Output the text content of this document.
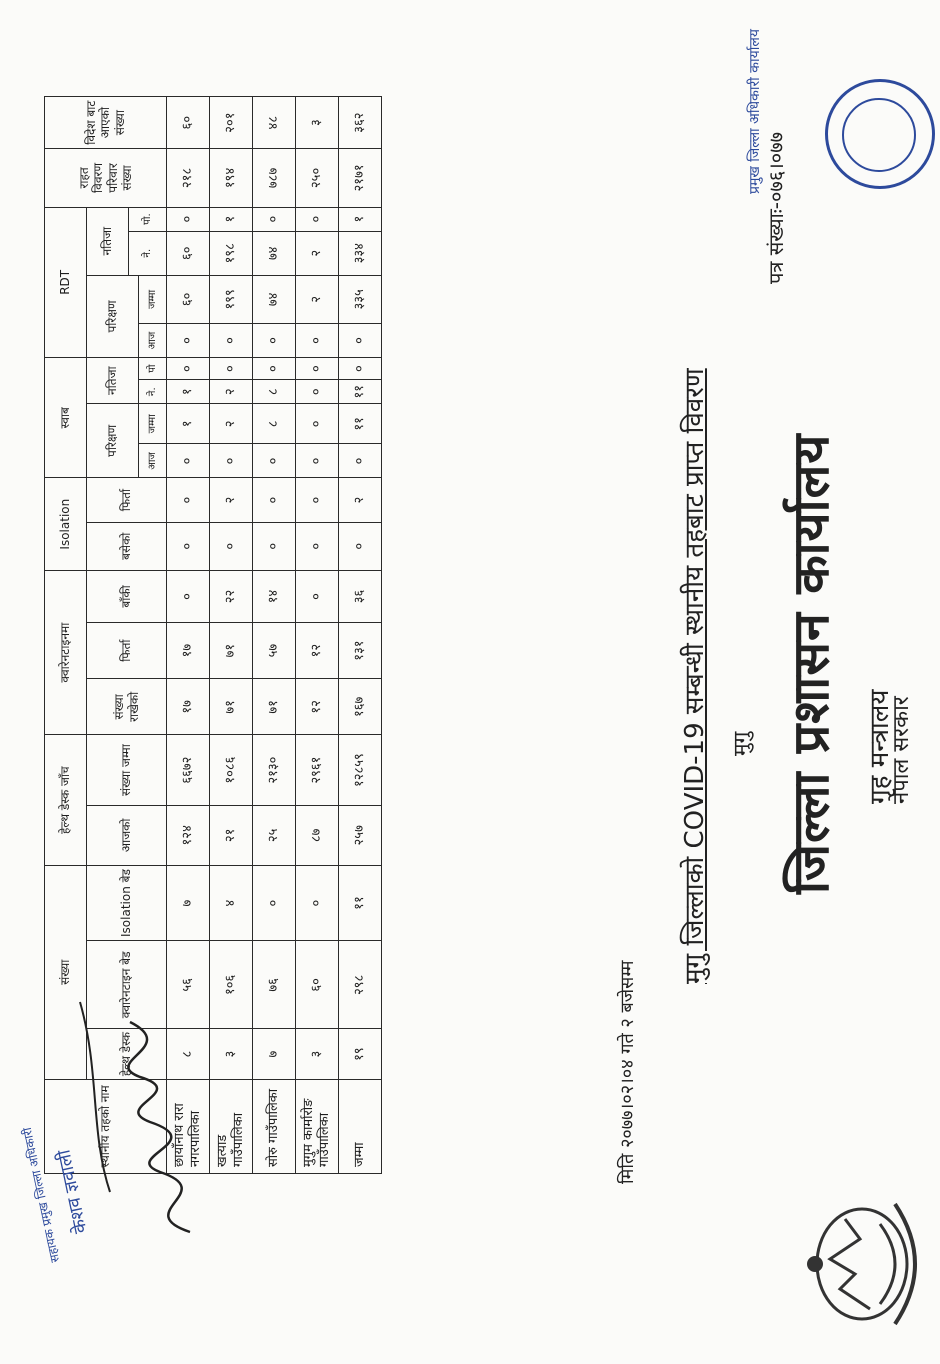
नेपाल सरकार
गृह मन्त्रालय
जिल्ला प्रशासन कार्यालय
मुगु
पत्र संख्याः-०७६।०७७
मुगु जिल्लाको COVID-19 सम्बन्धी स्थानीय तहबाट प्राप्त विवरण
मिति २०७७।०२।०४ गते २ बजेसम्म
प्रमुख जिल्ला अधिकारी कार्यालय
स्थानीय तहको नाम	संख्या			हेल्थ डेस्क जाँच		क्वारेनटाइनमा			Isolation		स्वाब				RDT				राहत विवरण परिवार संख्या	विदेश बाट आएको संख्या
	हेल्थ डेस्क	क्वारेनटाइन बेड	Isolation बेड	आजको	संख्या जम्मा	संख्या राखेको	फिर्ता	बाँकी	बसेको	फिर्ता	परिक्षण		नतिजा		परिक्षण		नतिजा			
																	ने.	पो.		
											आज	जम्मा	ने.	पो	आज	जम्मा				
छायाँनाथ रारा नगरपालिका	८	५६	७	१२४	६६७२	१७	१७	०	०	०	०	१	१	०	०	६०	६०	०	२१८	६०
खत्याड गाउँपालिका	३	१०६	४	२१	१०८६	७१	७१	२२	०	२	०	२	२	०	०	१९९	१९८	१	१९४	२०१
सोरु गाउँपालिका	७	७६	०	२५	२१३०	७१	५७	१४	०	०	०	८	८	०	०	७४	७४	०	७८७	४८
मुगुम कार्मारोङ गाउँपालिका	३	६०	०	८७	२९६१	१२	१२	०	०	०	०	०	०	०	०	२	२	०	२५०	३
जम्मा	१९	२९८	११	२५७	१२८५९	१६७	१३१	३६	०	२	०	११	११	०	०	३३५	३३४	१	२१७१	३६२
केशव ज्ञवाली
सहायक प्रमुख जिल्ला अधिकारी
